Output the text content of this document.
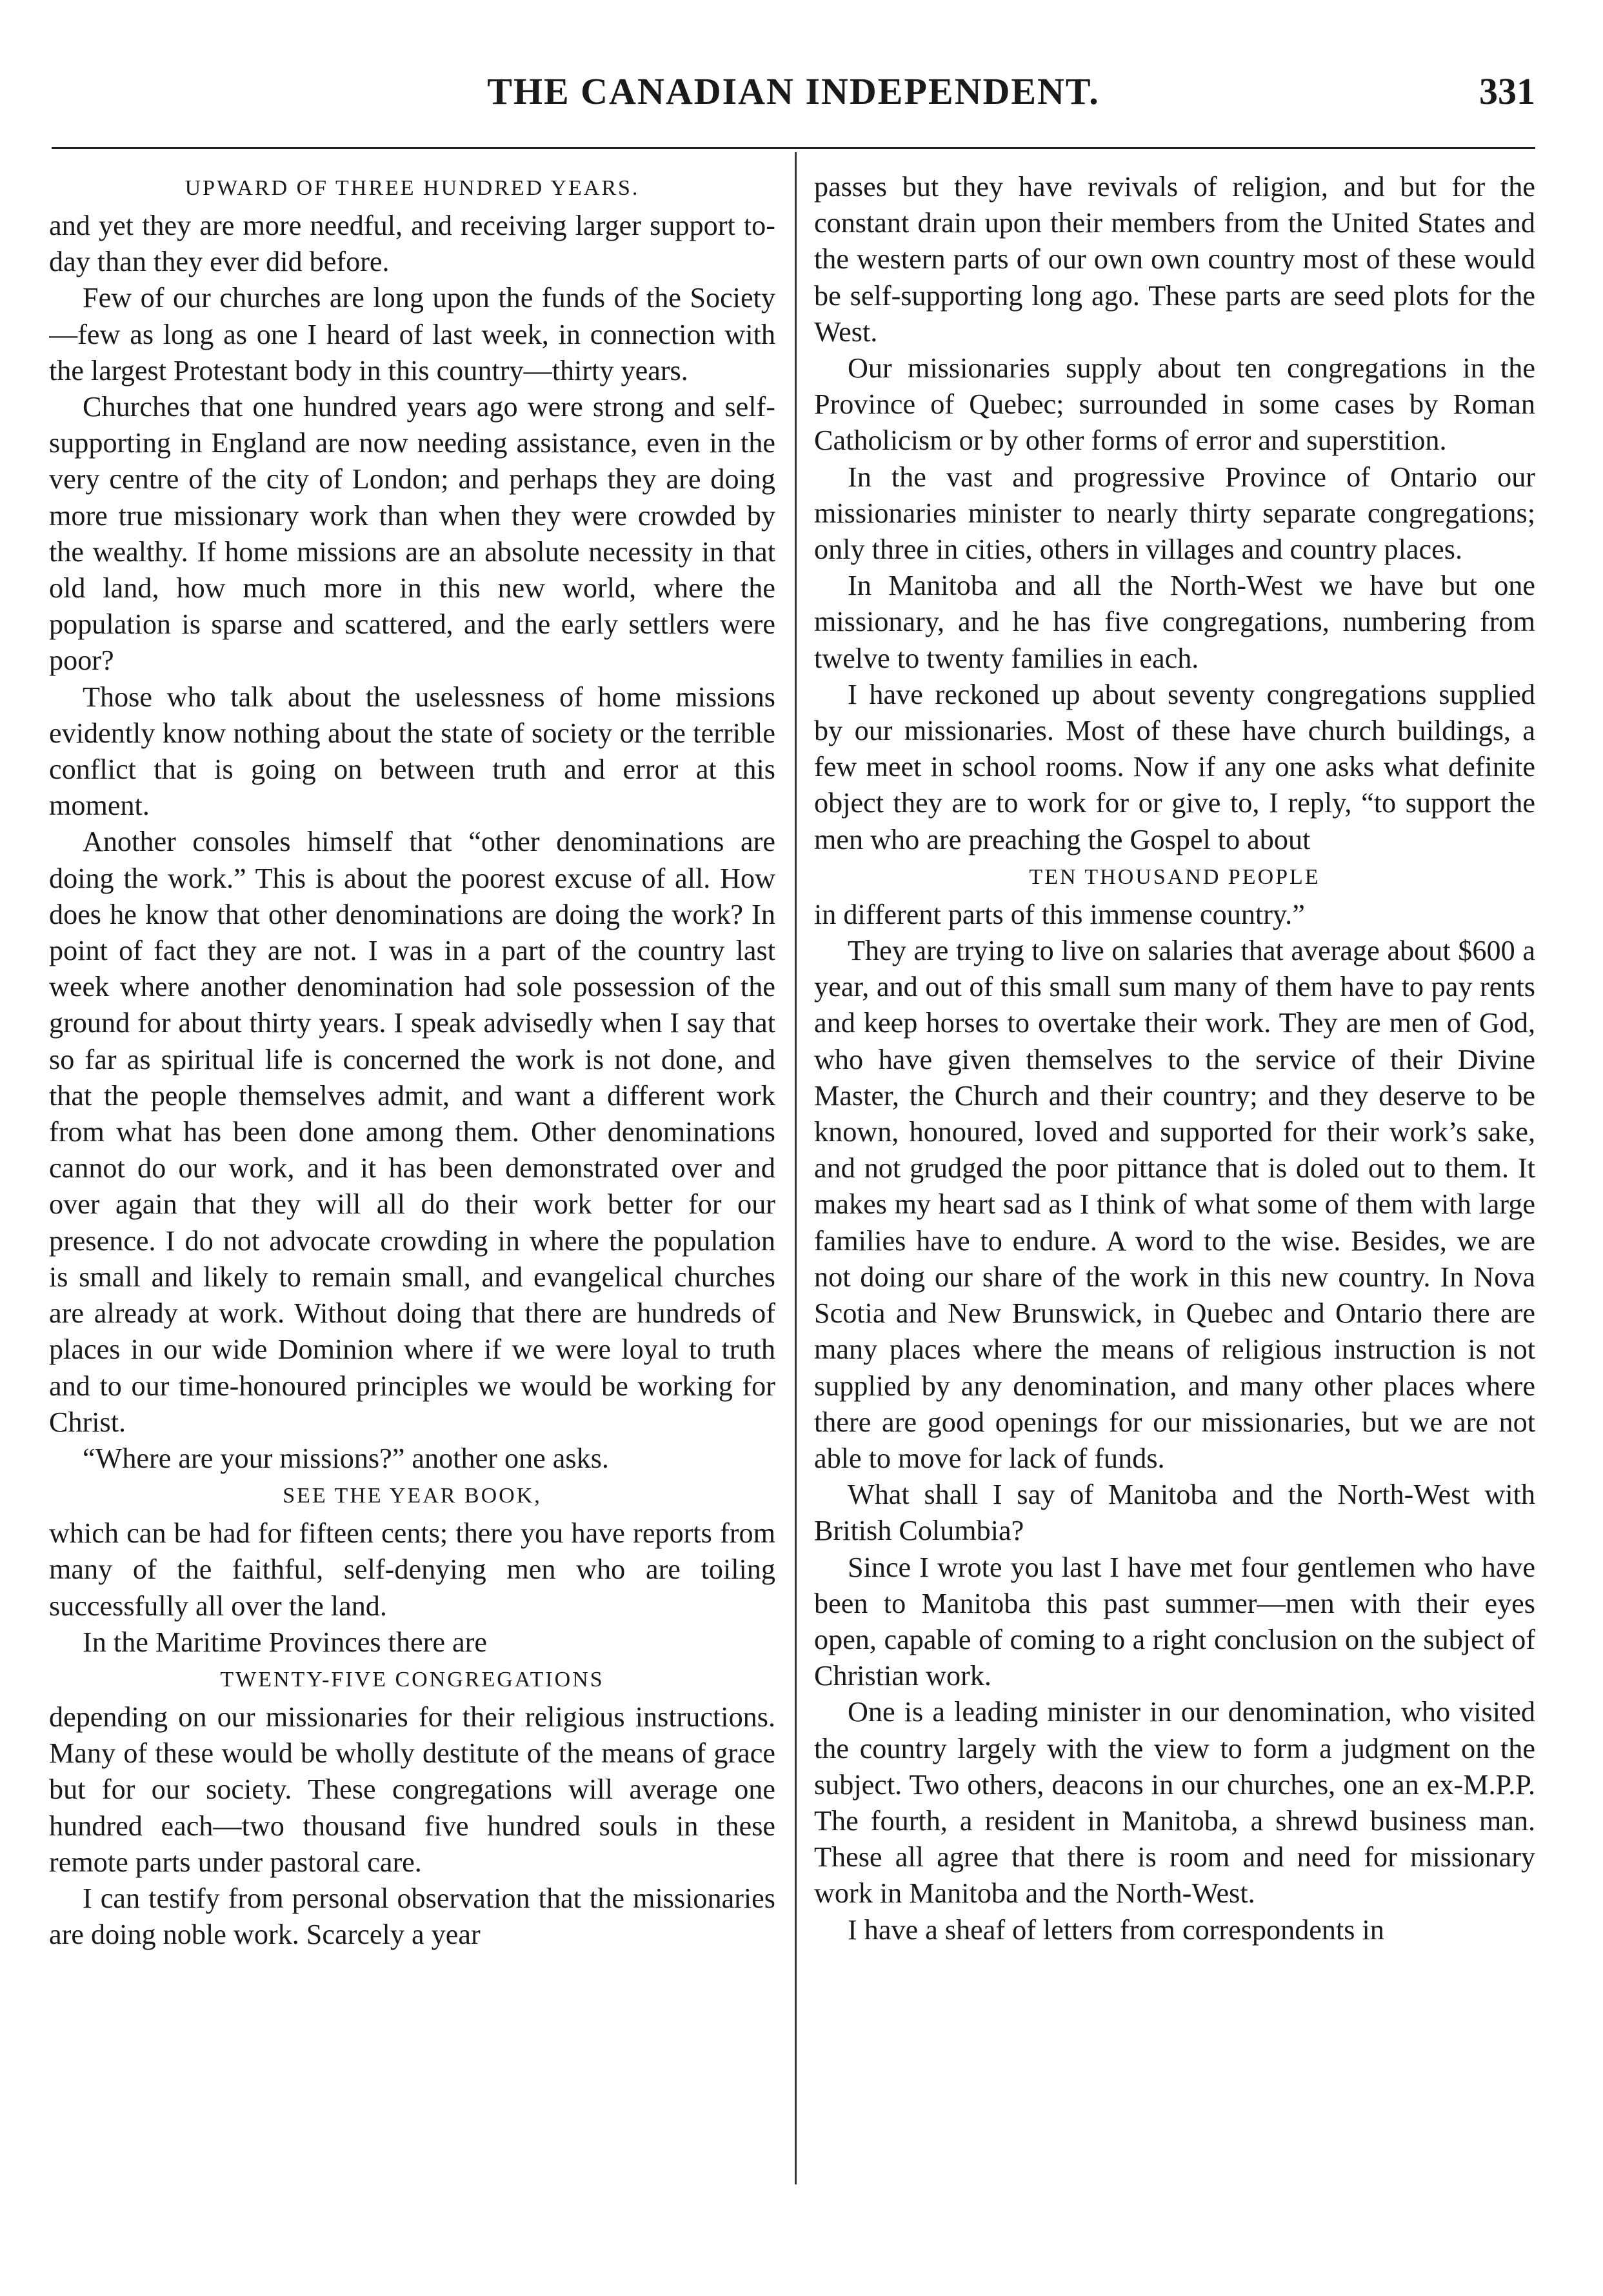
THE CANADIAN INDEPENDENT.	331
UPWARD OF THREE HUNDRED YEARS.

and yet they are more needful, and receiving larger support to-day than they ever did before.

Few of our churches are long upon the funds of the Society—few as long as one I heard of last week, in connection with the largest Protestant body in this country—thirty years.

Churches that one hundred years ago were strong and self-supporting in England are now needing assistance, even in the very centre of the city of London; and perhaps they are doing more true missionary work than when they were crowded by the wealthy. If home missions are an absolute necessity in that old land, how much more in this new world, where the population is sparse and scattered, and the early settlers were poor?

Those who talk about the uselessness of home missions evidently know nothing about the state of society or the terrible conflict that is going on between truth and error at this moment.

Another consoles himself that “other denominations are doing the work.” This is about the poorest excuse of all. How does he know that other denominations are doing the work? In point of fact they are not. I was in a part of the country last week where another denomination had sole possession of the ground for about thirty years. I speak advisedly when I say that so far as spiritual life is concerned the work is not done, and that the people themselves admit, and want a different work from what has been done among them. Other denominations cannot do our work, and it has been demonstrated over and over again that they will all do their work better for our presence. I do not advocate crowding in where the population is small and likely to remain small, and evangelical churches are already at work. Without doing that there are hundreds of places in our wide Dominion where if we were loyal to truth and to our time-honoured principles we would be working for Christ.

“Where are your missions?” another one asks.

SEE THE YEAR BOOK,

which can be had for fifteen cents; there you have reports from many of the faithful, self-denying men who are toiling successfully all over the land.

In the Maritime Provinces there are

TWENTY-FIVE CONGREGATIONS

depending on our missionaries for their religious instructions. Many of these would be wholly destitute of the means of grace but for our society. These congregations will average one hundred each—two thousand five hundred souls in these remote parts under pastoral care.

I can testify from personal observation that the missionaries are doing noble work. Scarcely a year

passes but they have revivals of religion, and but for the constant drain upon their members from the United States and the western parts of our own own country most of these would be self-supporting long ago. These parts are seed plots for the West.

Our missionaries supply about ten congregations in the Province of Quebec; surrounded in some cases by Roman Catholicism or by other forms of error and superstition.

In the vast and progressive Province of Ontario our missionaries minister to nearly thirty separate congregations; only three in cities, others in villages and country places.

In Manitoba and all the North-West we have but one missionary, and he has five congregations, numbering from twelve to twenty families in each.

I have reckoned up about seventy congregations supplied by our missionaries. Most of these have church buildings, a few meet in school rooms. Now if any one asks what definite object they are to work for or give to, I reply, “to support the men who are preaching the Gospel to about

TEN THOUSAND PEOPLE

in different parts of this immense country.”

They are trying to live on salaries that average about $600 a year, and out of this small sum many of them have to pay rents and keep horses to overtake their work. They are men of God, who have given themselves to the service of their Divine Master, the Church and their country; and they deserve to be known, honoured, loved and supported for their work’s sake, and not grudged the poor pittance that is doled out to them. It makes my heart sad as I think of what some of them with large families have to endure. A word to the wise. Besides, we are not doing our share of the work in this new country. In Nova Scotia and New Brunswick, in Quebec and Ontario there are many places where the means of religious instruction is not supplied by any denomination, and many other places where there are good openings for our missionaries, but we are not able to move for lack of funds.

What shall I say of Manitoba and the North-West with British Columbia?

Since I wrote you last I have met four gentlemen who have been to Manitoba this past summer—men with their eyes open, capable of coming to a right conclusion on the subject of Christian work.

One is a leading minister in our denomination, who visited the country largely with the view to form a judgment on the subject. Two others, deacons in our churches, one an ex-M.P.P. The fourth, a resident in Manitoba, a shrewd business man. These all agree that there is room and need for missionary work in Manitoba and the North-West.

I have a sheaf of letters from correspondents in
